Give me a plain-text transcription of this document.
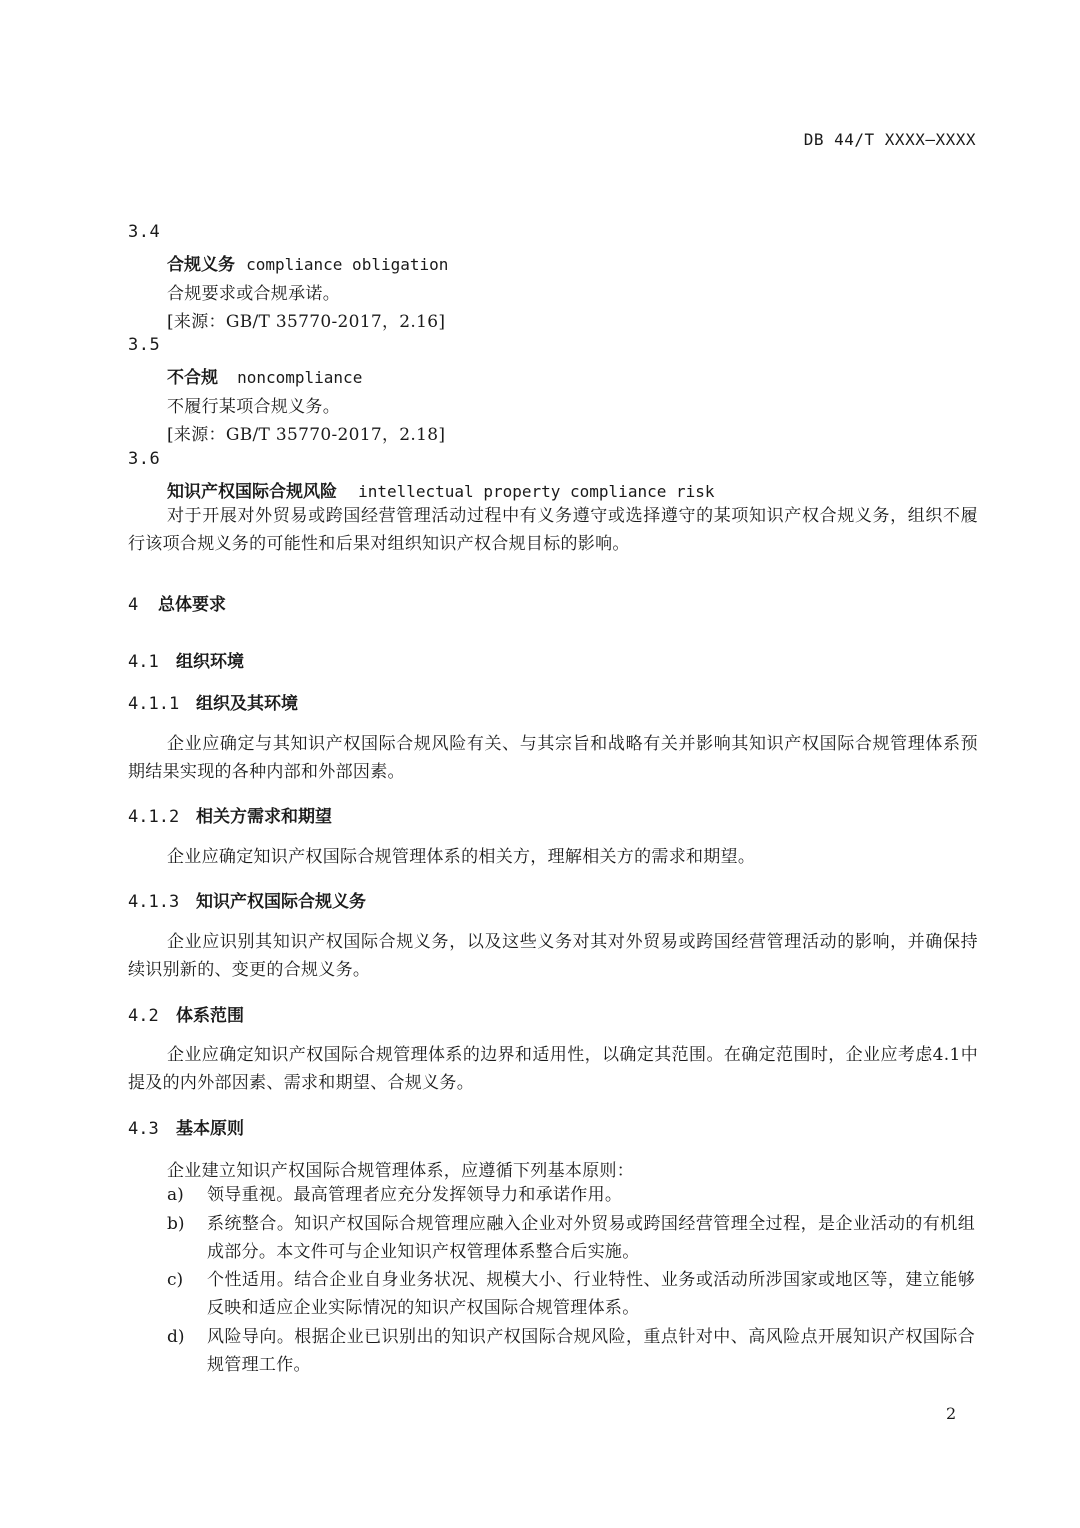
DB 44/T XXXX—XXXX
3.4
合规义务 compliance obligation
合规要求或合规承诺。
[来源：GB/T 35770-2017，2.16]
3.5
不合规 noncompliance
不履行某项合规义务。
[来源：GB/T 35770-2017，2.18]
3.6
知识产权国际合规风险 intellectual property compliance risk
对于开展对外贸易或跨国经营管理活动过程中有义务遵守或选择遵守的某项知识产权合规义务，组织不履行该项合规义务的可能性和后果对组织知识产权合规目标的影响。
4 总体要求
4.1 组织环境
4.1.1 组织及其环境
企业应确定与其知识产权国际合规风险有关、与其宗旨和战略有关并影响其知识产权国际合规管理体系预期结果实现的各种内部和外部因素。
4.1.2 相关方需求和期望
企业应确定知识产权国际合规管理体系的相关方，理解相关方的需求和期望。
4.1.3 知识产权国际合规义务
企业应识别其知识产权国际合规义务，以及这些义务对其对外贸易或跨国经营管理活动的影响，并确保持续识别新的、变更的合规义务。
4.2 体系范围
企业应确定知识产权国际合规管理体系的边界和适用性，以确定其范围。在确定范围时，企业应考虑4.1中提及的内外部因素、需求和期望、合规义务。
4.3 基本原则
企业建立知识产权国际合规管理体系，应遵循下列基本原则：
a) 领导重视。最高管理者应充分发挥领导力和承诺作用。
b) 系统整合。知识产权国际合规管理应融入企业对外贸易或跨国经营管理全过程，是企业活动的有机组成部分。本文件可与企业知识产权管理体系整合后实施。
c) 个性适用。结合企业自身业务状况、规模大小、行业特性、业务或活动所涉国家或地区等，建立能够反映和适应企业实际情况的知识产权国际合规管理体系。
d) 风险导向。根据企业已识别出的知识产权国际合规风险，重点针对中、高风险点开展知识产权国际合规管理工作。
2
